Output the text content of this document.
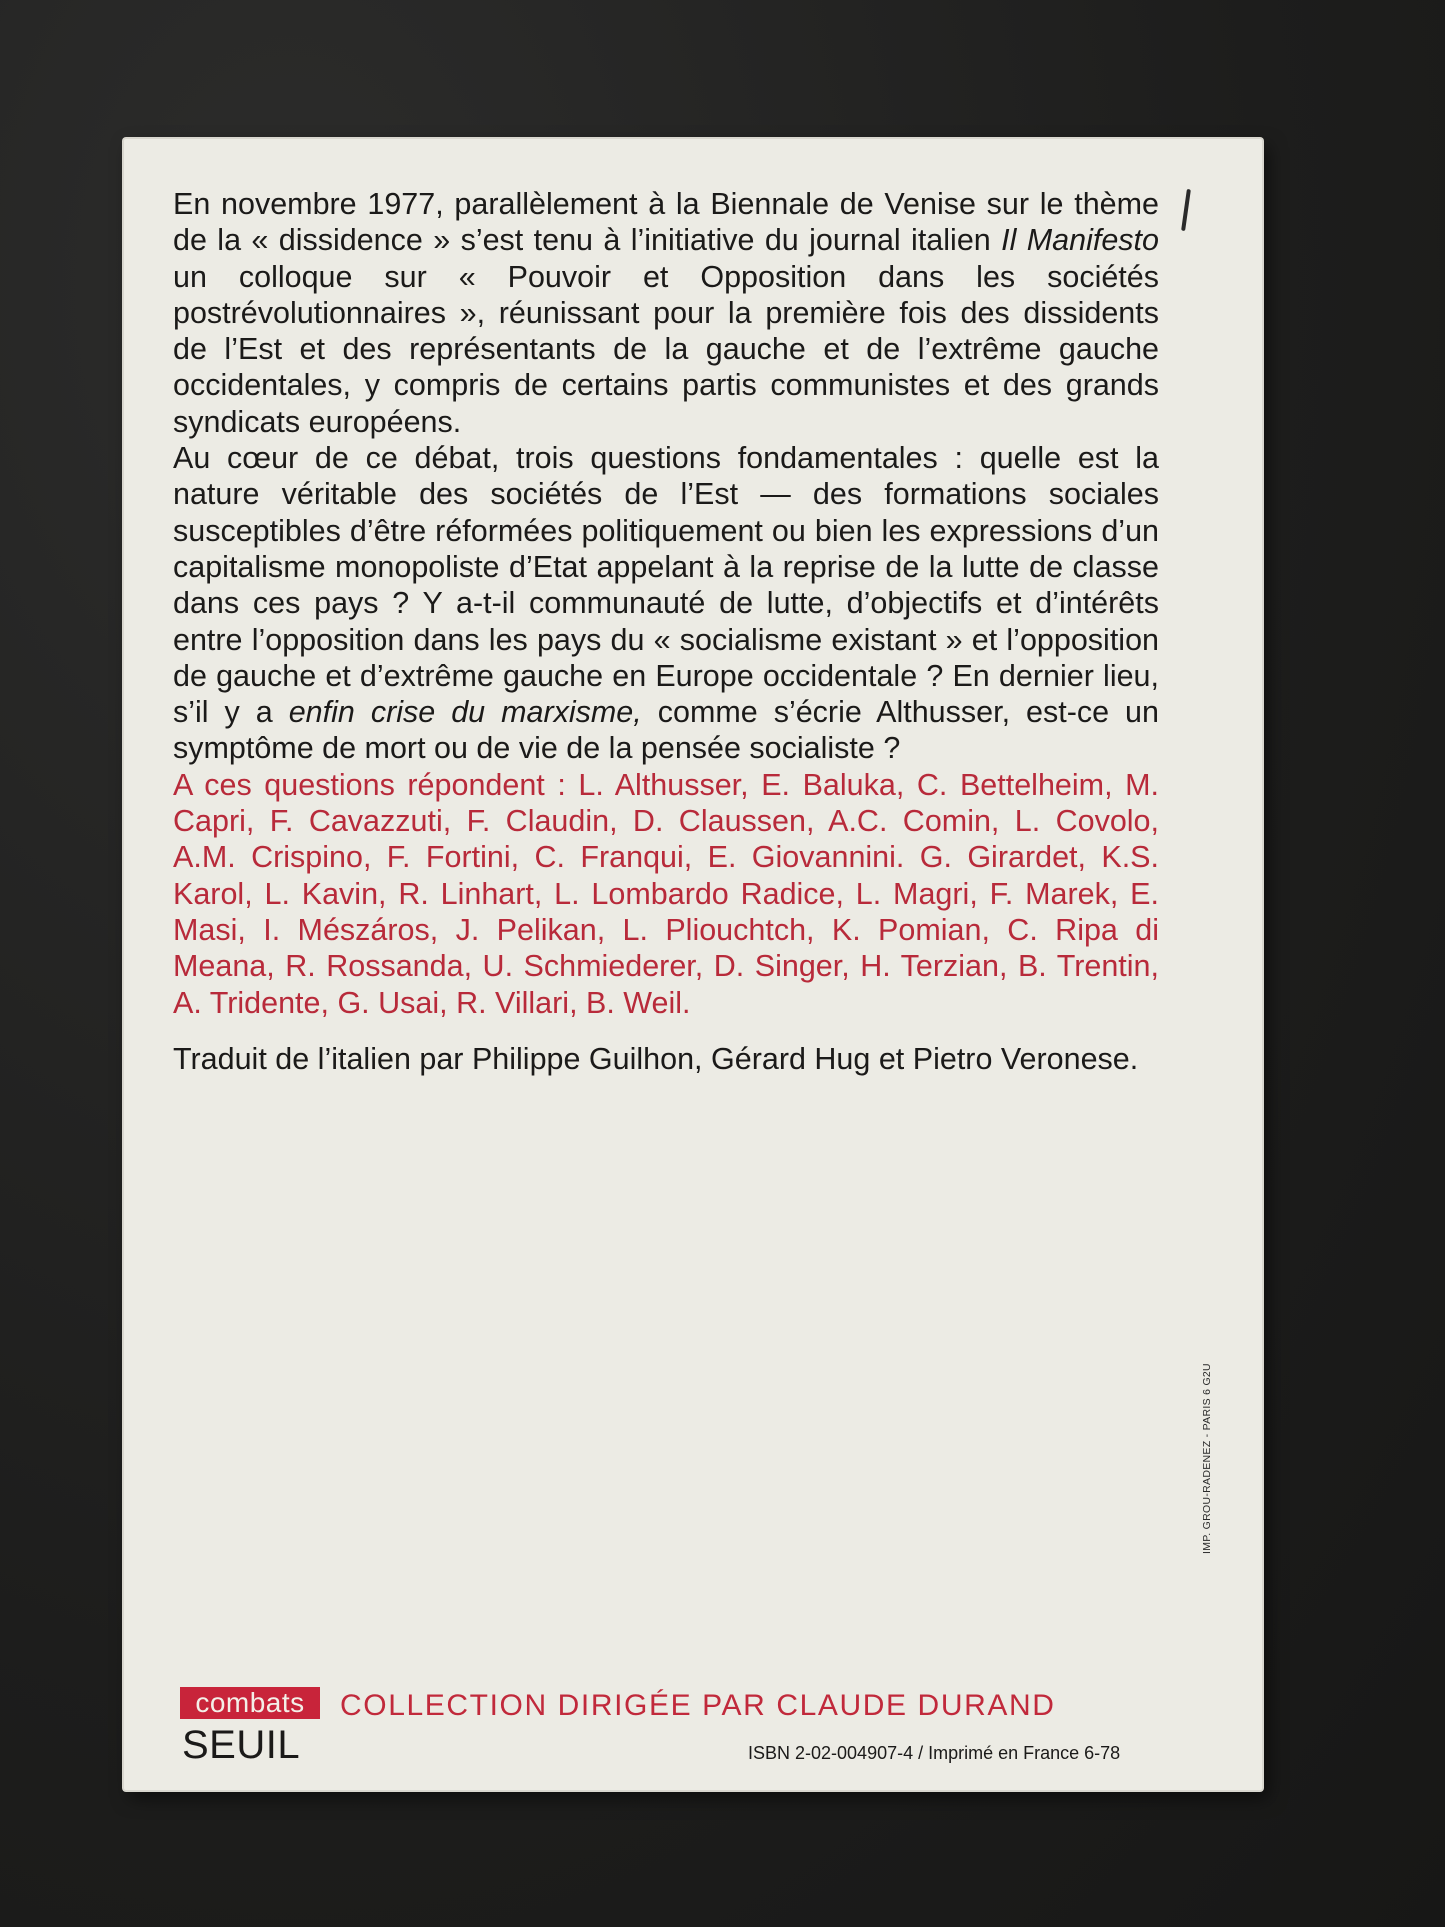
En novembre 1977, parallèlement à la Biennale de Venise sur le thème de la « dissidence » s’est tenu à l’initiative du journal italien Il Manifesto un colloque sur « Pouvoir et Opposition dans les sociétés postrévolutionnaires », réunissant pour la première fois des dissidents de l’Est et des représentants de la gauche et de l’extrême gauche occidentales, y compris de certains partis communistes et des grands syndicats européens.

Au cœur de ce débat, trois questions fondamentales : quelle est la nature véritable des sociétés de l’Est — des formations sociales susceptibles d’être réformées politiquement ou bien les expressions d’un capitalisme monopoliste d’Etat appelant à la reprise de la lutte de classe dans ces pays ? Y a-t-il communauté de lutte, d’objectifs et d’intérêts entre l’opposition dans les pays du « socialisme existant » et l’opposition de gauche et d’extrême gauche en Europe occidentale ? En dernier lieu, s’il y a enfin crise du marxisme, comme s’écrie Althusser, est-ce un symptôme de mort ou de vie de la pensée socialiste ?

A ces questions répondent : L. Althusser, E. Baluka, C. Bettelheim, M. Capri, F. Cavazzuti, F. Claudin, D. Claussen, A.C. Comin, L. Covolo, A.M. Crispino, F. Fortini, C. Franqui, E. Giovannini. G. Girardet, K.S. Karol, L. Kavin, R. Linhart, L. Lombardo Radice, L. Magri, F. Marek, E. Masi, I. Mészáros, J. Pelikan, L. Pliouchtch, K. Pomian, C. Ripa di Meana, R. Rossanda, U. Schmiederer, D. Singer, H. Terzian, B. Trentin, A. Tridente, G. Usai, R. Villari, B. Weil.

Traduit de l’italien par Philippe Guilhon, Gérard Hug et Pietro Veronese.

IMP. GROU-RADENEZ - PARIS 6 G2U
combats
SEUIL
COLLECTION DIRIGÉE PAR CLAUDE DURAND
ISBN 2-02-004907-4 / Imprimé en France 6-78
